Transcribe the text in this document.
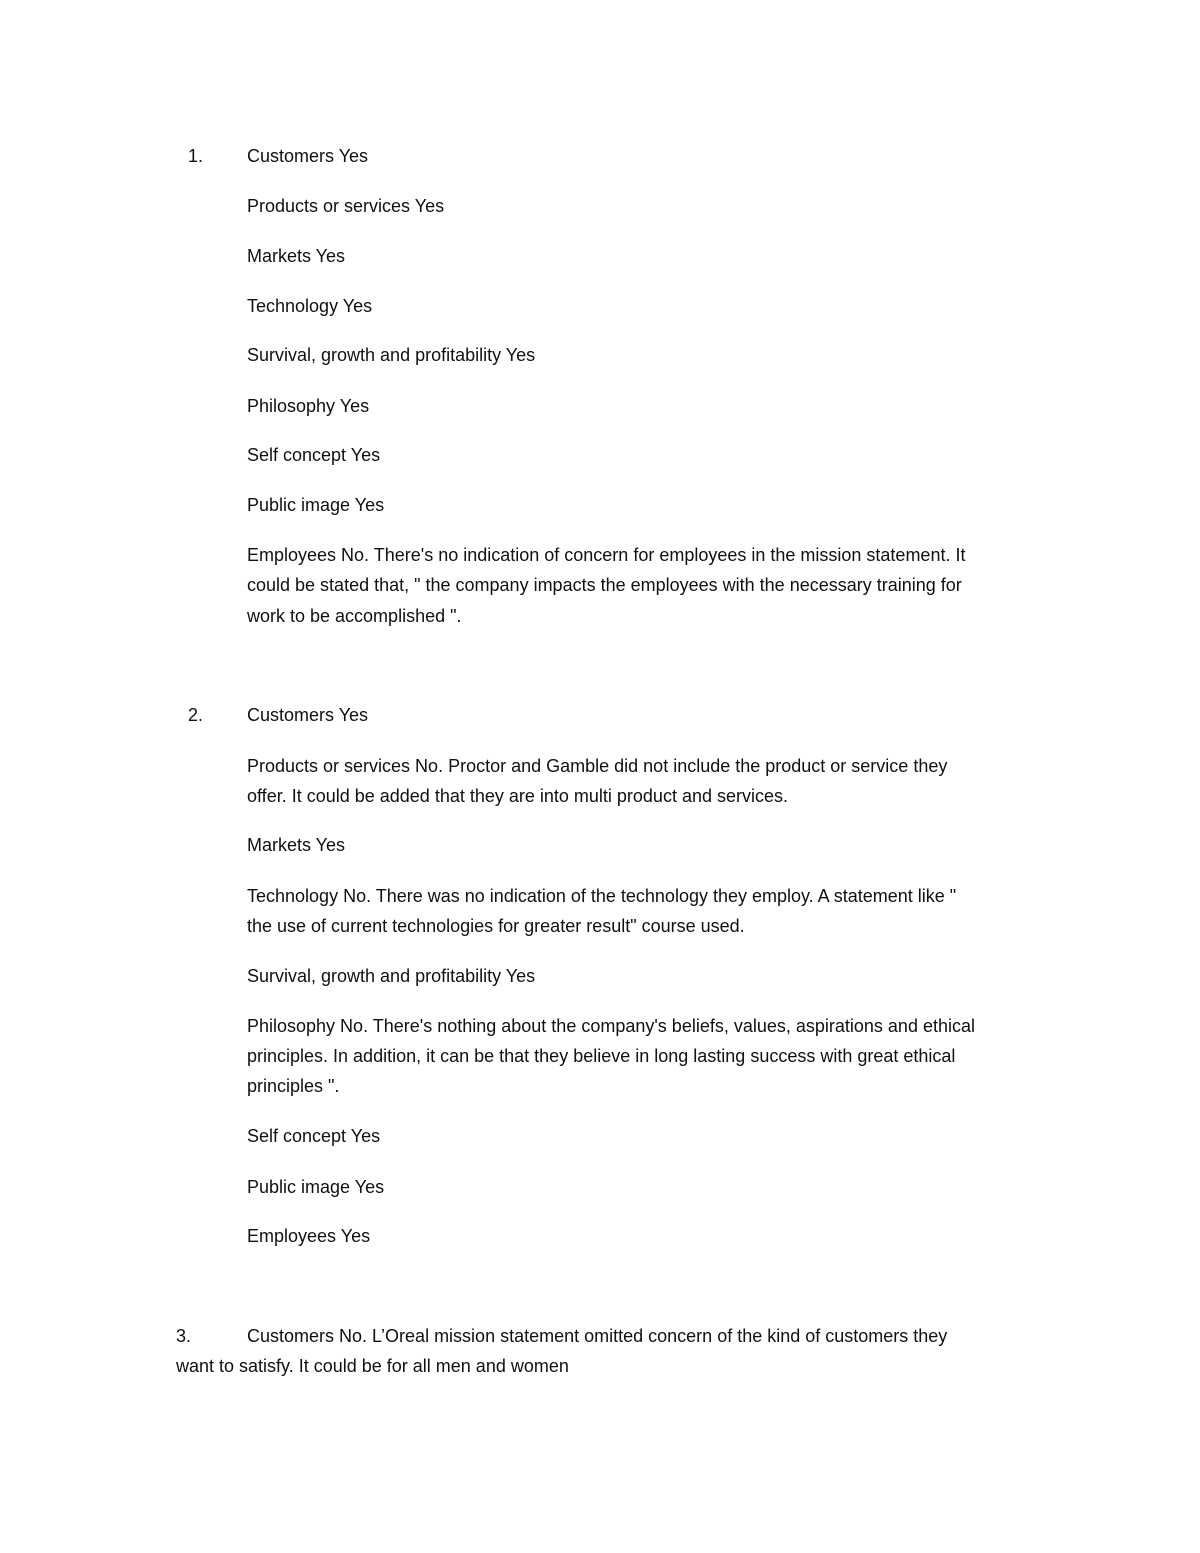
1. Customers Yes
Products or services Yes
Markets Yes
Technology Yes
Survival, growth and profitability Yes
Philosophy Yes
Self concept Yes
Public image Yes
Employees No. There's no indication of concern for employees in the mission statement. It
could be stated that, " the company impacts the employees with the necessary training for
work to be accomplished ".
2. Customers Yes
Products or services No. Proctor and Gamble did not include the product or service they
offer. It could be added that they are into multi product and services.
Markets Yes
Technology No. There was no indication of the technology they employ. A statement like "
the use of current technologies for greater result" course used.
Survival, growth and profitability Yes
Philosophy No. There's nothing about the company's beliefs, values, aspirations and ethical
principles. In addition, it can be that they believe in long lasting success with great ethical
principles ".
Self concept Yes
Public image Yes
Employees Yes
3.	Customers No. L’Oreal mission statement omitted concern of the kind of customers they
want to satisfy. It could be for all men and women
